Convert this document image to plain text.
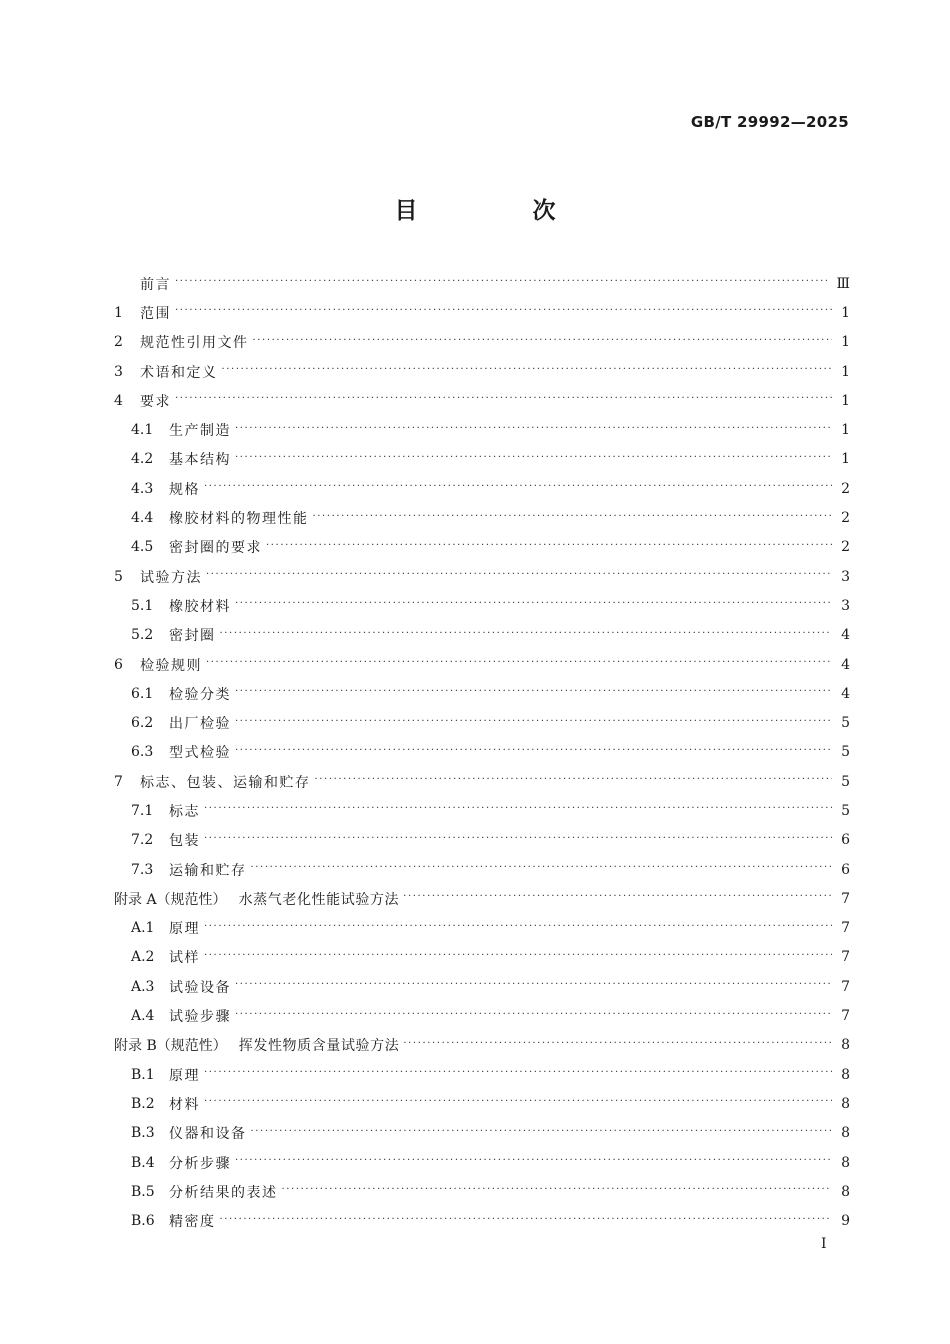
GB/T 29992—2025
目　次
前言 ·····	Ⅲ
1	范围 ·····	1
2	规范性引用文件 ·····	1
3	术语和定义 ·····	1
4	要求 ·····	1
4.1	生产制造 ·····	1
4.2	基本结构 ·····	1
4.3	规格 ·····	2
4.4	橡胶材料的物理性能 ·····	2
4.5	密封圈的要求 ·····	2
5	试验方法 ·····	3
5.1	橡胶材料 ·····	3
5.2	密封圈 ·····	4
6	检验规则 ·····	4
6.1	检验分类 ·····	4
6.2	出厂检验 ·····	5
6.3	型式检验 ·····	5
7	标志、包装、运输和贮存 ·····	5
7.1	标志 ·····	5
7.2	包装 ·····	6
7.3	运输和贮存 ·····	6
附录 A（规范性） 水蒸气老化性能试验方法 ·····	7
A.1	原理 ·····	7
A.2	试样 ·····	7
A.3	试验设备 ·····	7
A.4	试验步骤 ·····	7
附录 B（规范性） 挥发性物质含量试验方法 ·····	8
B.1	原理 ·····	8
B.2	材料 ·····	8
B.3	仪器和设备 ·····	8
B.4	分析步骤 ·····	8
B.5	分析结果的表述 ·····	8
B.6	精密度 ·····	9
Ⅰ
